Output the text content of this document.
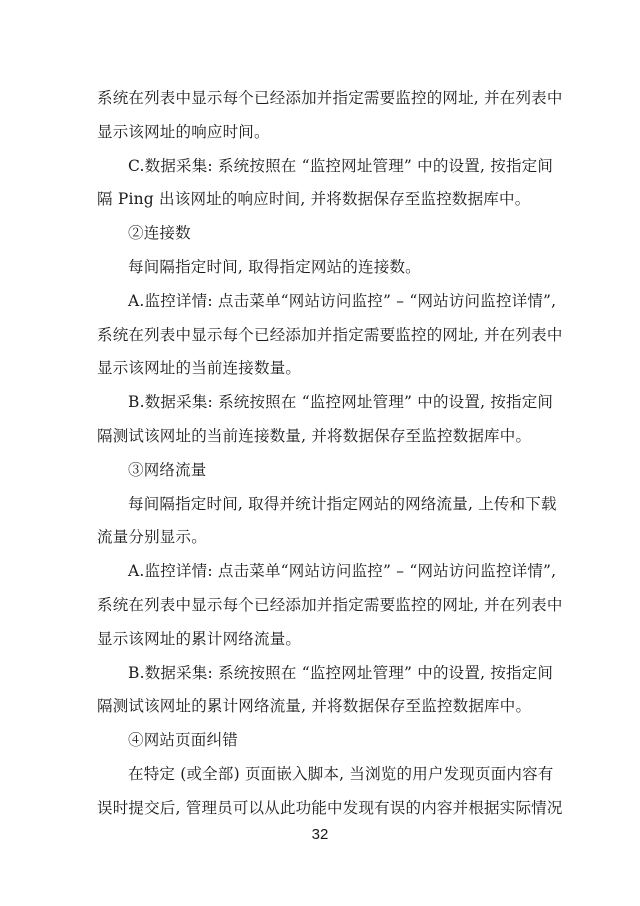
系统在列表中显示每个已经添加并指定需要监控的网址, 并在列表中
显示该网址的响应时间。
C.数据采集: 系统按照在 “监控网址管理” 中的设置, 按指定间
隔 Ping 出该网址的响应时间, 并将数据保存至监控数据库中。
②连接数
每间隔指定时间, 取得指定网站的连接数。
A.监控详情: 点击菜单“网站访问监控” – “网站访问监控详情”,
系统在列表中显示每个已经添加并指定需要监控的网址, 并在列表中
显示该网址的当前连接数量。
B.数据采集: 系统按照在 “监控网址管理” 中的设置, 按指定间
隔测试该网址的当前连接数量, 并将数据保存至监控数据库中。
③网络流量
每间隔指定时间, 取得并统计指定网站的网络流量, 上传和下载
流量分别显示。
A.监控详情: 点击菜单“网站访问监控” – “网站访问监控详情”,
系统在列表中显示每个已经添加并指定需要监控的网址, 并在列表中
显示该网址的累计网络流量。
B.数据采集: 系统按照在 “监控网址管理” 中的设置, 按指定间
隔测试该网址的累计网络流量, 并将数据保存至监控数据库中。
④网站页面纠错
在特定 (或全部) 页面嵌入脚本, 当浏览的用户发现页面内容有
误时提交后, 管理员可以从此功能中发现有误的内容并根据实际情况
32
